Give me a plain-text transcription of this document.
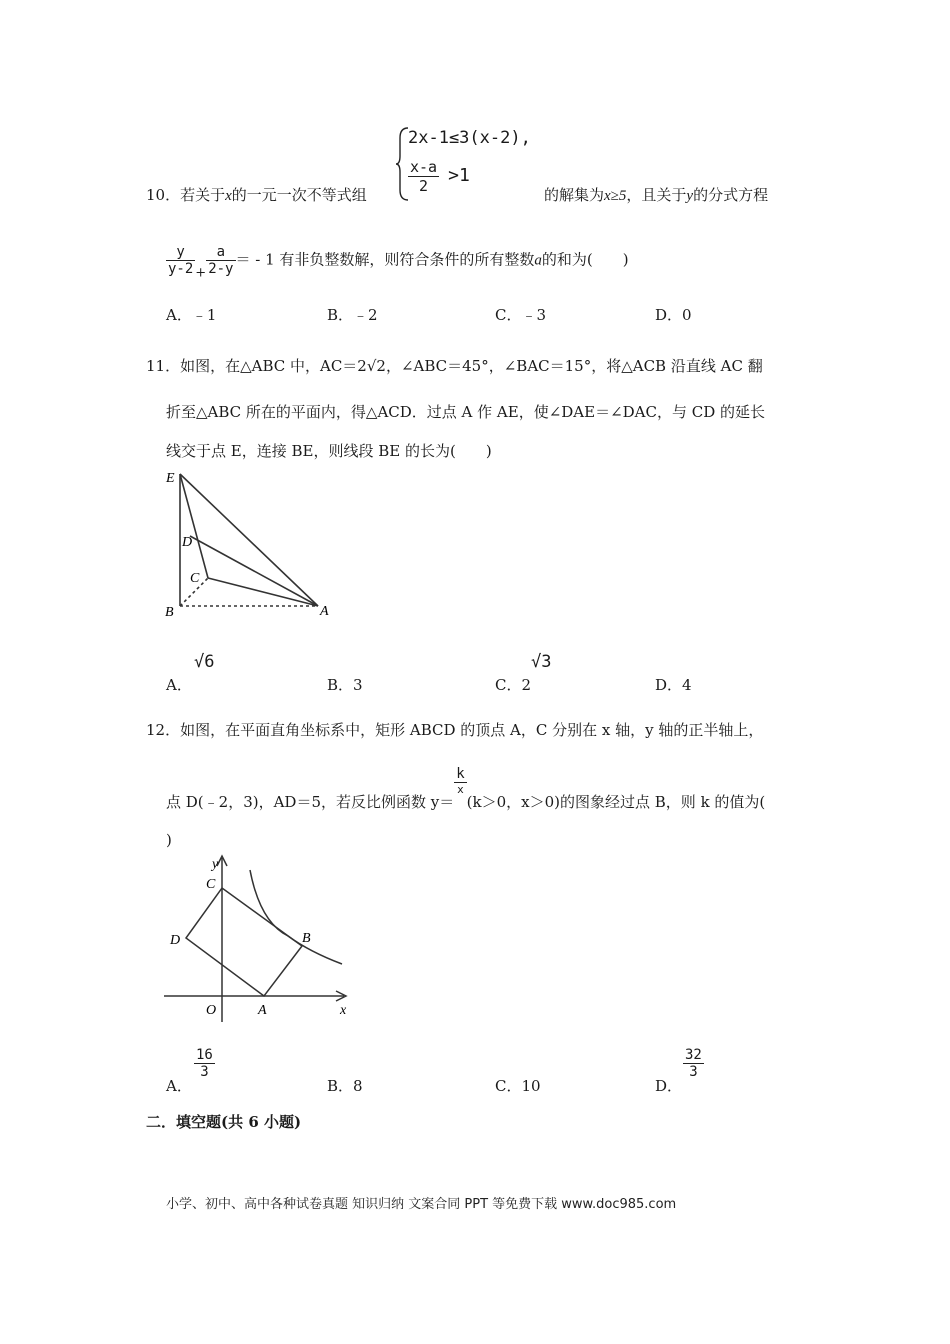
2x-1≤3(x-2),
$\frac{x-a}{2} >1$
10．若关于x的一元一次不等式组	的解集为x≥5，且关于y的分式方程
$\frac{y}{y-2} + \frac{a}{2-y}$ ＝ - 1 有非负整数解，则符合条件的所有整数a的和为(　　)
A．﹣1	B．﹣2	C．﹣3	D．0
11．如图，在△ABC 中，AC＝2√2，∠ABC＝45°，∠BAC＝15°，将△ACB 沿直线 AC 翻
折至△ABC 所在的平面内，得△ACD．过点 A 作 AE，使∠DAE＝∠DAC，与 CD 的延长
线交于点 E，连接 BE，则线段 BE 的长为(　　)
E
D
C
B	A
A．
√6
B．3	C．2
√3
D．4
12．如图，在平面直角坐标系中，矩形 ABCD 的顶点 A，C 分别在 x 轴，y 轴的正半轴上，
点 D(﹣2，3)，AD＝5，若反比例函数 y＝
$\frac{k}{x}$
(k＞0，x＞0)的图象经过点 B，则 k 的值为(
)
y
C
D	B
O	A	x
A．
$\frac{16}{3}$
B．8	C．10	D．
$\frac{32}{3}$
二．填空题(共 6 小题)
小学、初中、高中各种试卷真题 知识归纳 文案合同 PPT 等免费下载 www.doc985.com
